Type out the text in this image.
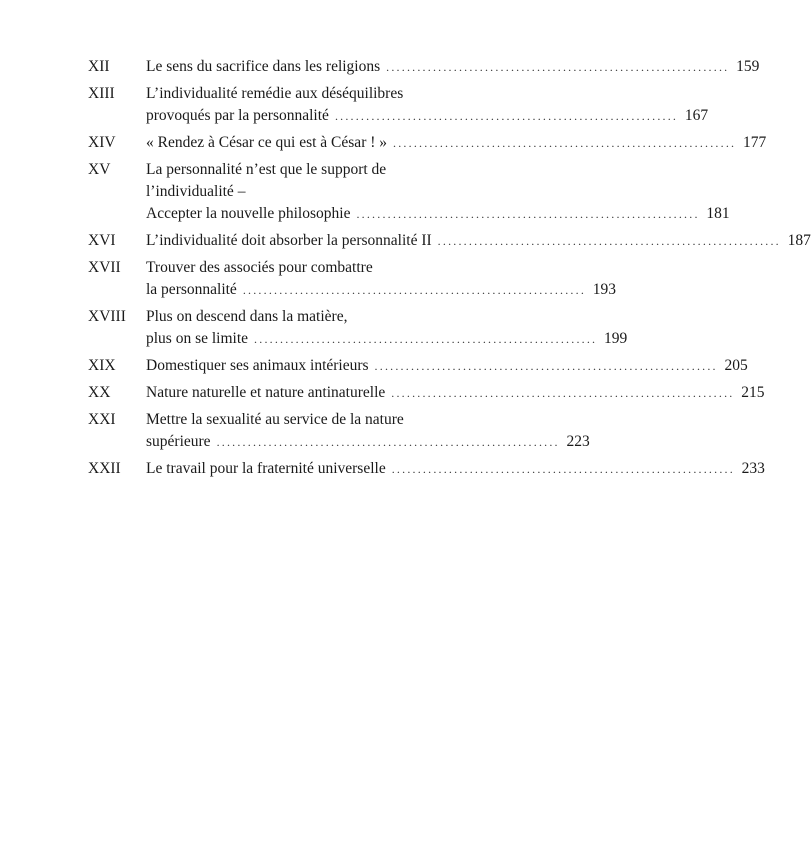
XII	Le sens du sacrifice dans les religions .................................................................. 159
XIII	L’individualité remédie aux déséquilibres
provoqués par la personnalité .................................................................. 167
XIV	« Rendez à César ce qui est à César ! » .................................................................. 177
XV	La personnalité n’est que le support de
l’individualité –
Accepter la nouvelle philosophie .................................................................. 181
XVI	L’individualité doit absorber la personnalité II .................................................................. 187
XVII	Trouver des associés pour combattre
la personnalité .................................................................. 193
XVIII	Plus on descend dans la matière,
plus on se limite .................................................................. 199
XIX	Domestiquer ses animaux intérieurs .................................................................. 205
XX	Nature naturelle et nature antinaturelle .................................................................. 215
XXI	Mettre la sexualité au service de la nature
supérieure .................................................................. 223
XXII	Le travail pour la fraternité universelle .................................................................. 233
